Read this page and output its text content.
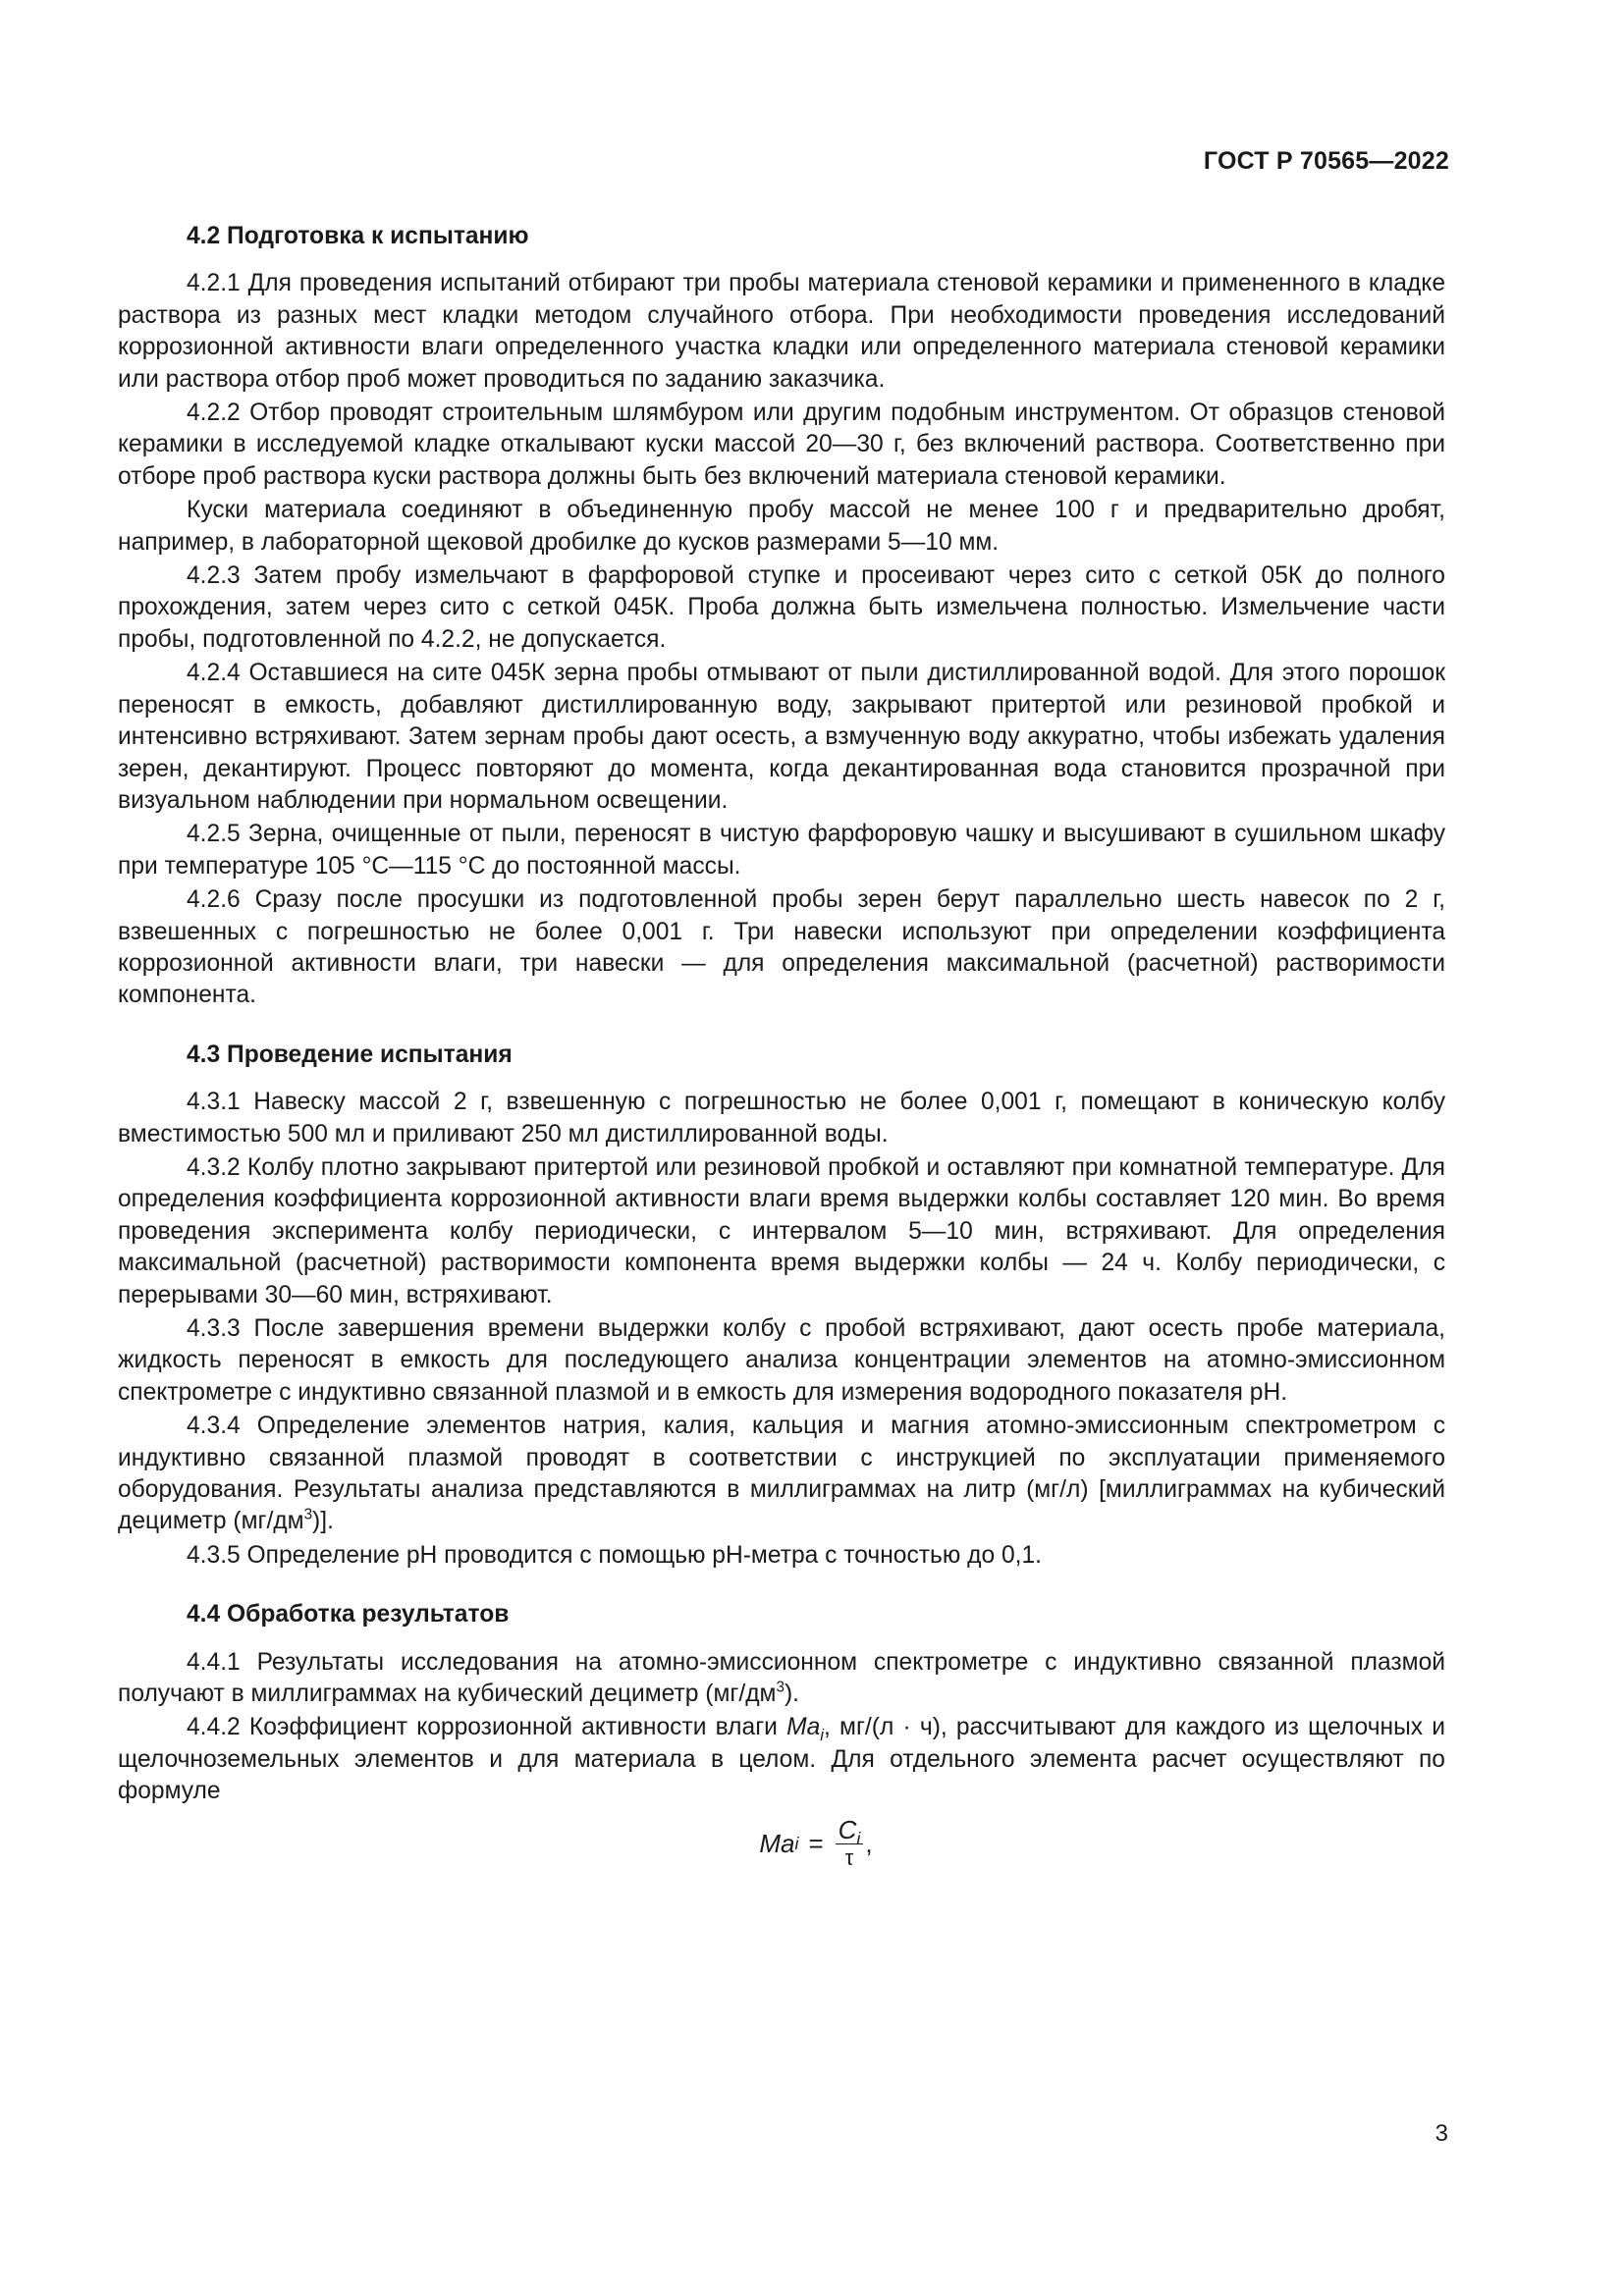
ГОСТ Р 70565—2022
4.2 Подготовка к испытанию

4.2.1 Для проведения испытаний отбирают три пробы материала стеновой керамики и примененного в кладке раствора из разных мест кладки методом случайного отбора. При необходимости проведения исследований коррозионной активности влаги определенного участка кладки или определенного материала стеновой керамики или раствора отбор проб может проводиться по заданию заказчика.

4.2.2 Отбор проводят строительным шлямбуром или другим подобным инструментом. От образцов стеновой керамики в исследуемой кладке откалывают куски массой 20—30 г, без включений раствора. Соответственно при отборе проб раствора куски раствора должны быть без включений материала стеновой керамики.

Куски материала соединяют в объединенную пробу массой не менее 100 г и предварительно дробят, например, в лабораторной щековой дробилке до кусков размерами 5—10 мм.

4.2.3 Затем пробу измельчают в фарфоровой ступке и просеивают через сито с сеткой 05К до полного прохождения, затем через сито с сеткой 045К. Проба должна быть измельчена полностью. Измельчение части пробы, подготовленной по 4.2.2, не допускается.

4.2.4 Оставшиеся на сите 045К зерна пробы отмывают от пыли дистиллированной водой. Для этого порошок переносят в емкость, добавляют дистиллированную воду, закрывают притертой или резиновой пробкой и интенсивно встряхивают. Затем зернам пробы дают осесть, а взмученную воду аккуратно, чтобы избежать удаления зерен, декантируют. Процесс повторяют до момента, когда декантированная вода становится прозрачной при визуальном наблюдении при нормальном освещении.

4.2.5 Зерна, очищенные от пыли, переносят в чистую фарфоровую чашку и высушивают в сушильном шкафу при температуре 105 °С—115 °С до постоянной массы.

4.2.6 Сразу после просушки из подготовленной пробы зерен берут параллельно шесть навесок по 2 г, взвешенных с погрешностью не более 0,001 г. Три навески используют при определении коэффициента коррозионной активности влаги, три навески — для определения максимальной (расчетной) растворимости компонента.

4.3 Проведение испытания

4.3.1 Навеску массой 2 г, взвешенную с погрешностью не более 0,001 г, помещают в коническую колбу вместимостью 500 мл и приливают 250 мл дистиллированной воды.

4.3.2 Колбу плотно закрывают притертой или резиновой пробкой и оставляют при комнатной температуре. Для определения коэффициента коррозионной активности влаги время выдержки колбы составляет 120 мин. Во время проведения эксперимента колбу периодически, с интервалом 5—10 мин, встряхивают. Для определения максимальной (расчетной) растворимости компонента время выдержки колбы — 24 ч. Колбу периодически, с перерывами 30—60 мин, встряхивают.

4.3.3 После завершения времени выдержки колбу с пробой встряхивают, дают осесть пробе материала, жидкость переносят в емкость для последующего анализа концентрации элементов на атомно-эмиссионном спектрометре с индуктивно связанной плазмой и в емкость для измерения водородного показателя рН.

4.3.4 Определение элементов натрия, калия, кальция и магния атомно-эмиссионным спектрометром с индуктивно связанной плазмой проводят в соответствии с инструкцией по эксплуатации применяемого оборудования. Результаты анализа представляются в миллиграммах на литр (мг/л) [миллиграммах на кубический дециметр $(мг/дм^3)$].

4.3.5 Определение рН проводится с помощью рН-метра с точностью до 0,1.

4.4 Обработка результатов

4.4.1 Результаты исследования на атомно-эмиссионном спектрометре с индуктивно связанной плазмой получают в миллиграммах на кубический дециметр $(мг/дм^3)$.

4.4.2 Коэффициент коррозионной активности влаги $Ma_i$, мг/(л · ч), рассчитывают для каждого из щелочных и щелочноземельных элементов и для материала в целом. Для отдельного элемента расчет осуществляют по формуле

Ma $i = \frac{C_i}{\tau}$ ,
3
